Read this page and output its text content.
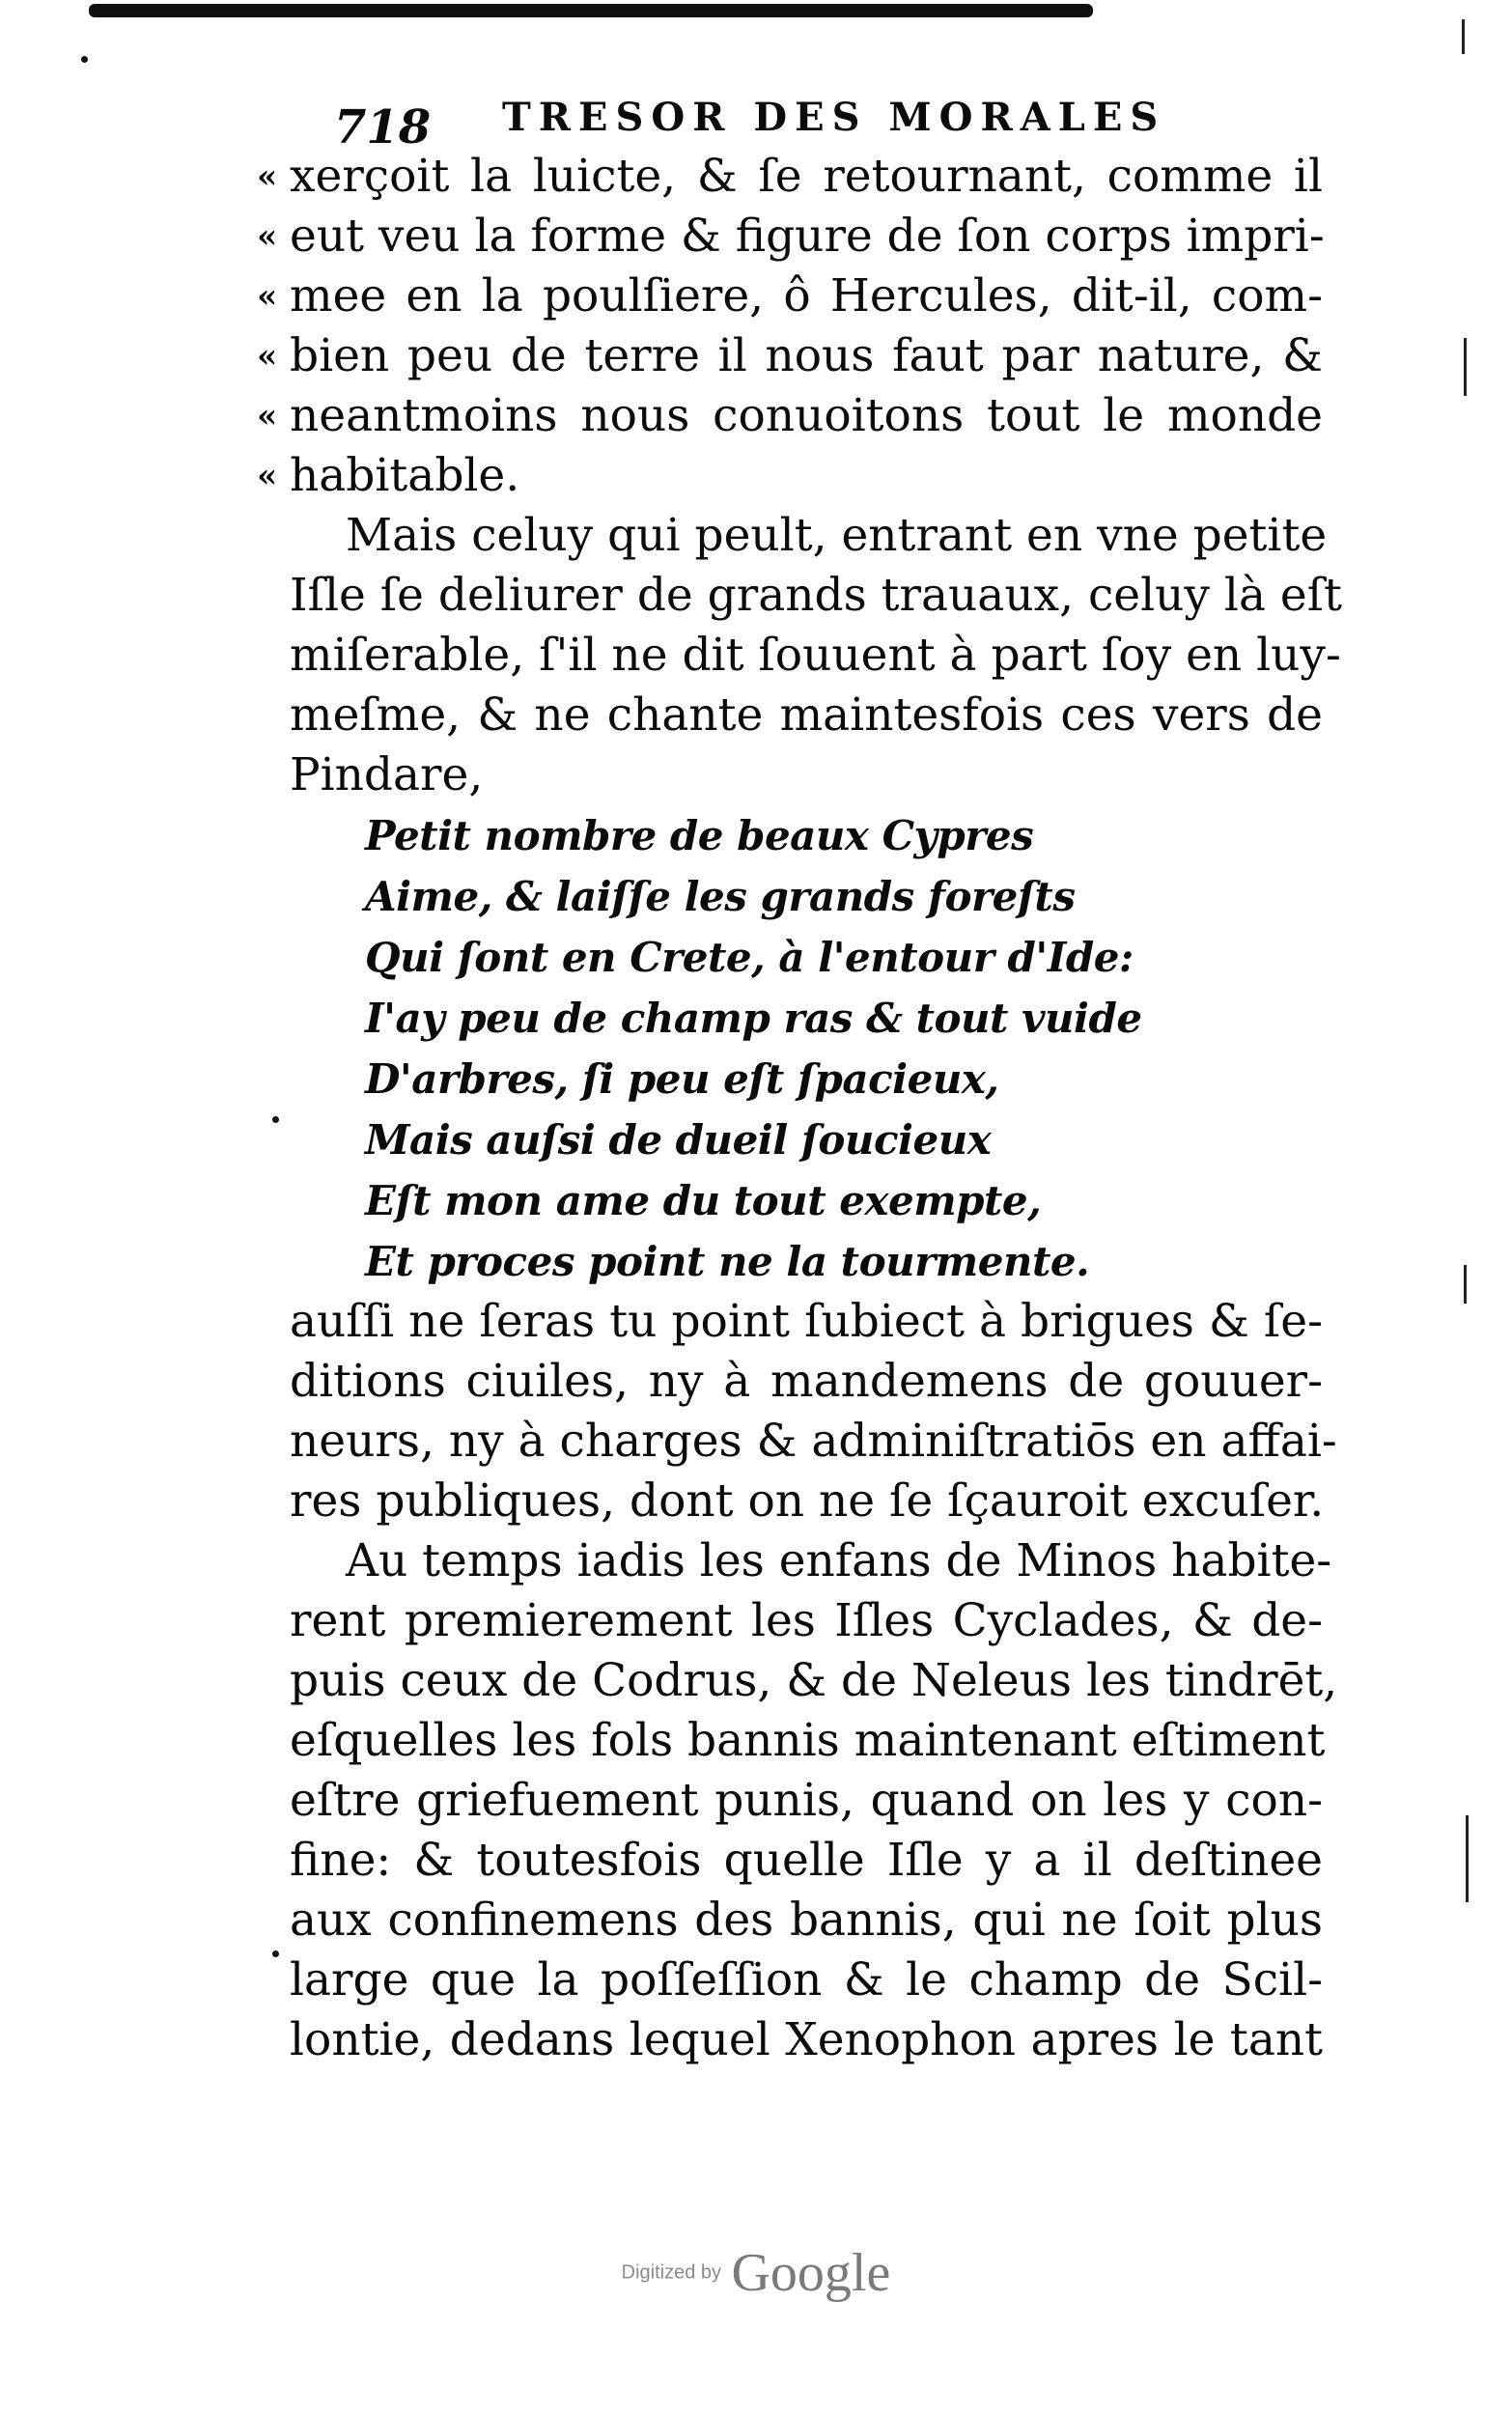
718 TRESOR DES MORALES
« xerçoit la luicte, & ſe retournant, comme il
« eut veu la forme & figure de ſon corps impri-
« mee en la poulſiere, ô Hercules, dit-il, com-
« bien peu de terre il nous faut par nature, &
« neantmoins nous conuoitons tout le monde
« habitable.
Mais celuy qui peult, entrant en vne petite
Iſle ſe deliurer de grands trauaux, celuy là eſt
miſerable, ſ'il ne dit ſouuent à part ſoy en luy-
meſme, & ne chante maintesfois ces vers de
Pindare,
Petit nombre de beaux Cypres
Aime, & laiſſe les grands foreſts
Qui ſont en Crete, à l'entour d'Ide:
I'ay peu de champ ras & tout vuide
D'arbres, ſi peu eſt ſpacieux,
Mais auſsi de dueil ſoucieux
Eſt mon ame du tout exempte,
Et proces point ne la tourmente.
auſſi ne ſeras tu point ſubiect à brigues & ſe-
ditions ciuiles, ny à mandemens de gouuer-
neurs, ny à charges & adminiſtratiōs en affai-
res publiques, dont on ne ſe ſçauroit excuſer.
Au temps iadis les enfans de Minos habite-
rent premierement les Iſles Cyclades, & de-
puis ceux de Codrus, & de Neleus les tindrēt,
eſquelles les fols bannis maintenant eſtiment
eſtre griefuement punis, quand on les y con-
fine: & toutesfois quelle Iſle y a il deſtinee
aux confinemens des bannis, qui ne ſoit plus
large que la poſſeſſion & le champ de Scil-
lontie, dedans lequel Xenophon apres le tant
Digitized by Google
